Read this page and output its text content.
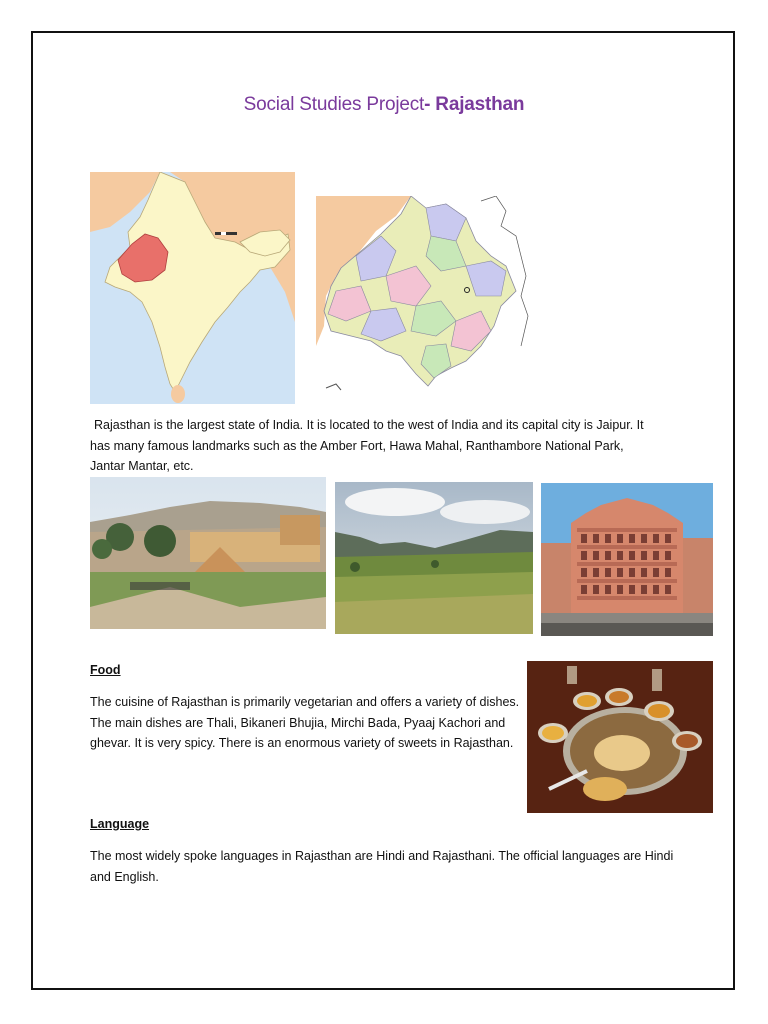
Social Studies Project- Rajasthan
Rajasthan is the largest state of India. It is located to the west of India and its capital city is Jaipur. It has many famous landmarks such as the Amber Fort, Hawa Mahal, Ranthambore National Park, Jantar Mantar, etc.
Food
The cuisine of Rajasthan is primarily vegetarian and offers a variety of dishes. The main dishes are Thali, Bikaneri Bhujia, Mirchi Bada, Pyaaj Kachori and ghevar. It is very spicy. There is an enormous variety of sweets in Rajasthan.
Language
The most widely spoke languages in Rajasthan are Hindi and Rajasthani. The official languages are Hindi and English.
